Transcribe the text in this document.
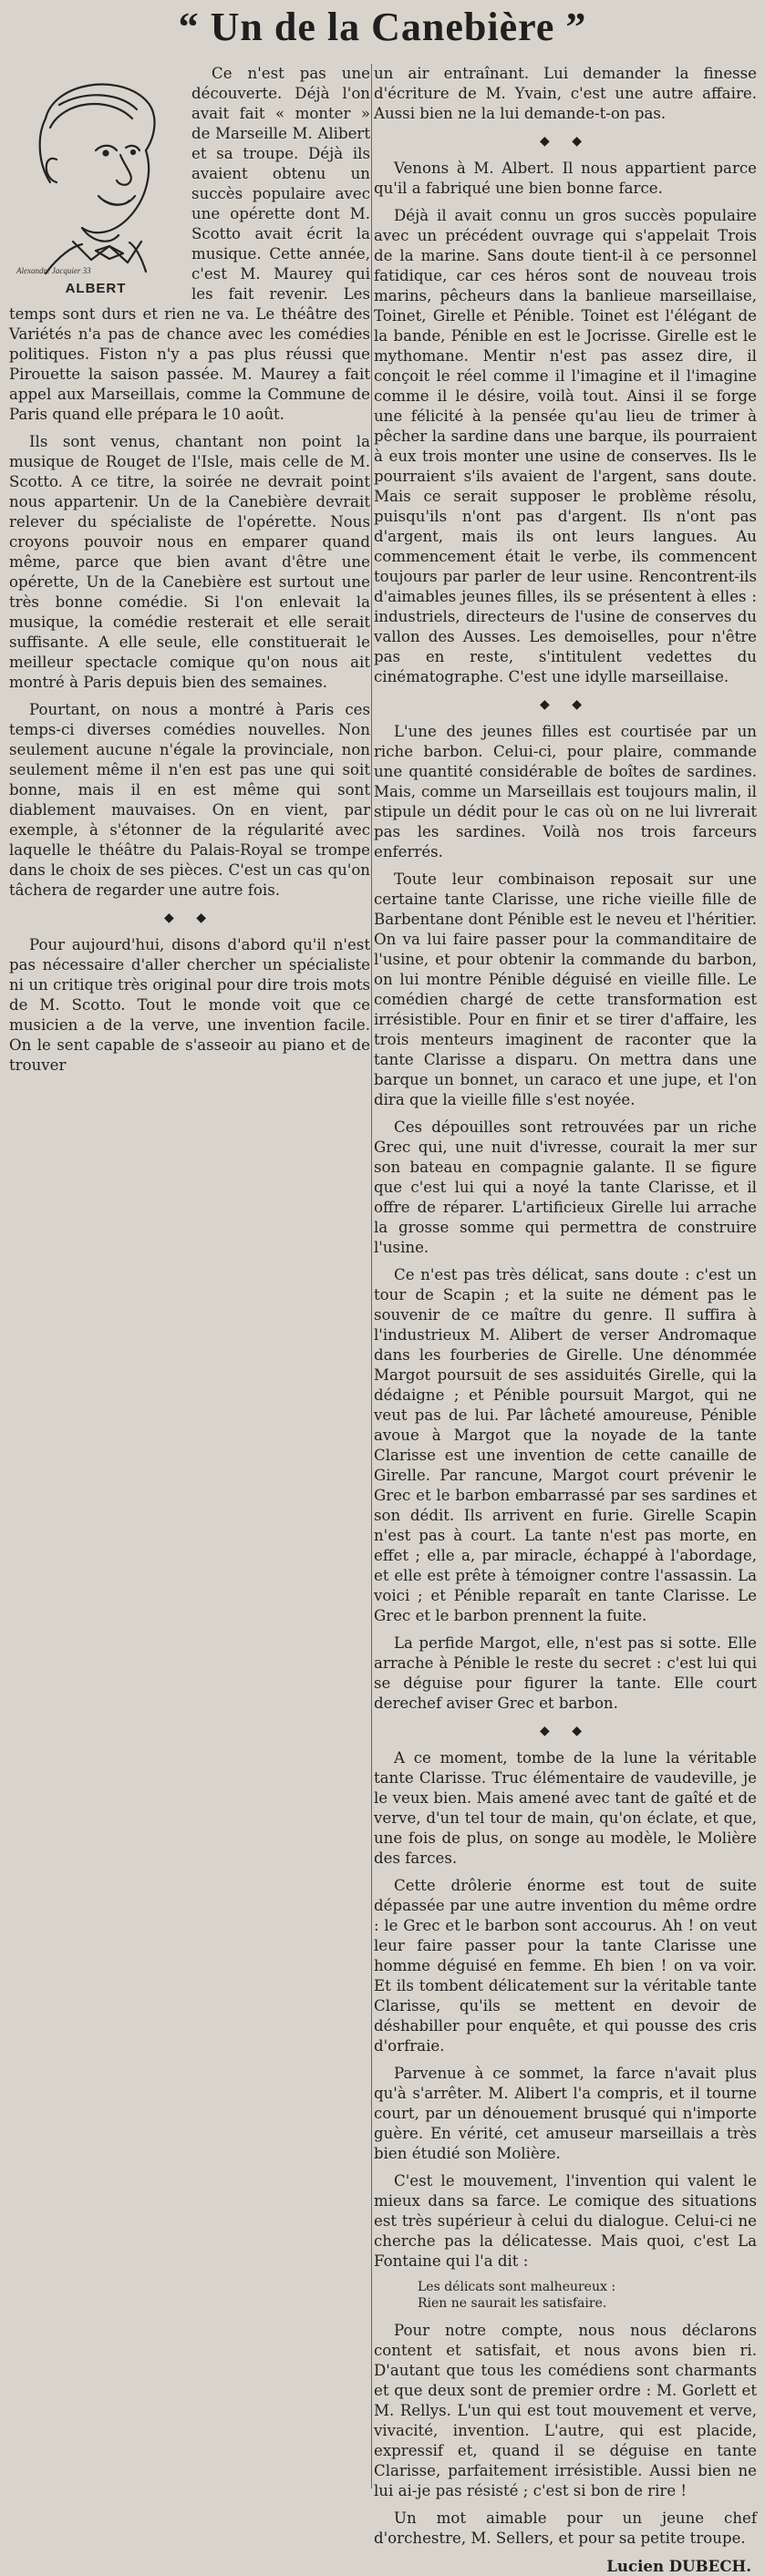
“ Un de la Canebière ”
Alexandre Jacquier 33
ALBERT

Ce n'est pas une découverte. Déjà l'on avait fait « monter » de Marseille M. Alibert et sa troupe. Déjà ils avaient obtenu un succès populaire avec une opérette dont M. Scotto avait écrit la musique. Cette année, c'est M. Maurey qui les fait revenir. Les temps sont durs et rien ne va. Le théâtre des Variétés n'a pas de chance avec les comédies politiques. Fiston n'y a pas plus réussi que Pirouette la saison passée. M. Maurey a fait appel aux Marseillais, comme la Commune de Paris quand elle prépara le 10 août.

Ils sont venus, chantant non point la musique de Rouget de l'Isle, mais celle de M. Scotto. A ce titre, la soirée ne devrait point nous appartenir. Un de la Canebière devrait relever du spécialiste de l'opérette. Nous croyons pouvoir nous en emparer quand même, parce que bien avant d'être une opérette, Un de la Canebière est surtout une très bonne comédie. Si l'on enlevait la musique, la comédie resterait et elle serait suffisante. A elle seule, elle constituerait le meilleur spectacle comique qu'on nous ait montré à Paris depuis bien des semaines.

Pourtant, on nous a montré à Paris ces temps-ci diverses comédies nouvelles. Non seulement aucune n'égale la provinciale, non seulement même il n'en est pas une qui soit bonne, mais il en est même qui sont diablement mauvaises. On en vient, par exemple, à s'étonner de la régularité avec laquelle le théâtre du Palais-Royal se trompe dans le choix de ses pièces. C'est un cas qu'on tâchera de regarder une autre fois.

◆ ◆

Pour aujourd'hui, disons d'abord qu'il n'est pas nécessaire d'aller chercher un spécialiste ni un critique très original pour dire trois mots de M. Scotto. Tout le monde voit que ce musicien a de la verve, une invention facile. On le sent capable de s'asseoir au piano et de trouver

un air entraînant. Lui demander la finesse d'écriture de M. Yvain, c'est une autre affaire. Aussi bien ne la lui demande-t-on pas.

◆ ◆

Venons à M. Albert. Il nous appartient parce qu'il a fabriqué une bien bonne farce.

Déjà il avait connu un gros succès populaire avec un précédent ouvrage qui s'appelait Trois de la marine. Sans doute tient-il à ce personnel fatidique, car ces héros sont de nouveau trois marins, pêcheurs dans la banlieue marseillaise, Toinet, Girelle et Pénible. Toinet est l'élégant de la bande, Pénible en est le Jocrisse. Girelle est le mythomane. Mentir n'est pas assez dire, il conçoit le réel comme il l'imagine et il l'imagine comme il le désire, voilà tout. Ainsi il se forge une félicité à la pensée qu'au lieu de trimer à pêcher la sardine dans une barque, ils pourraient à eux trois monter une usine de conserves. Ils le pourraient s'ils avaient de l'argent, sans doute. Mais ce serait supposer le problème résolu, puisqu'ils n'ont pas d'argent. Ils n'ont pas d'argent, mais ils ont leurs langues. Au commencement était le verbe, ils commencent toujours par parler de leur usine. Rencontrent-ils d'aimables jeunes filles, ils se présentent à elles : industriels, directeurs de l'usine de conserves du vallon des Ausses. Les demoiselles, pour n'être pas en reste, s'intitulent vedettes du cinématographe. C'est une idylle marseillaise.

◆ ◆

L'une des jeunes filles est courtisée par un riche barbon. Celui-ci, pour plaire, commande une quantité considérable de boîtes de sardines. Mais, comme un Marseillais est toujours malin, il stipule un dédit pour le cas où on ne lui livrerait pas les sardines. Voilà nos trois farceurs enferrés.

Toute leur combinaison reposait sur une certaine tante Clarisse, une riche vieille fille de Barbentane dont Pénible est le neveu et l'héritier. On va lui faire passer pour la commanditaire de l'usine, et pour obtenir la commande du barbon, on lui montre Pénible déguisé en vieille fille. Le comédien chargé de cette transformation est irrésistible. Pour en finir et se tirer d'affaire, les trois menteurs imaginent de raconter que la tante Clarisse a disparu. On mettra dans une barque un bonnet, un caraco et une jupe, et l'on dira que la vieille fille s'est noyée.

Ces dépouilles sont retrouvées par un riche Grec qui, une nuit d'ivresse, courait la mer sur son bateau en compagnie galante. Il se figure que c'est lui qui a noyé la tante Clarisse, et il offre de réparer. L'artificieux Girelle lui arrache la grosse somme qui permettra de construire l'usine.

Ce n'est pas très délicat, sans doute : c'est un tour de Scapin ; et la suite ne dément pas le souvenir de ce maître du genre. Il suffira à l'industrieux M. Alibert de verser Andromaque dans les fourberies de Girelle. Une dénommée Margot poursuit de ses assiduités Girelle, qui la dédaigne ; et Pénible poursuit Margot, qui ne veut pas de lui. Par lâcheté amoureuse, Pénible avoue à Margot que la noyade de la tante Clarisse est une invention de cette canaille de Girelle. Par rancune, Margot court prévenir le Grec et le barbon embarrassé par ses sardines et son dédit. Ils arrivent en furie. Girelle Scapin n'est pas à court. La tante n'est pas morte, en effet ; elle a, par miracle, échappé à l'abordage, et elle est prête à témoigner contre l'assassin. La voici ; et Pénible reparaît en tante Clarisse. Le Grec et le barbon prennent la fuite.

La perfide Margot, elle, n'est pas si sotte. Elle arrache à Pénible le reste du secret : c'est lui qui se déguise pour figurer la tante. Elle court derechef aviser Grec et barbon.

◆ ◆

A ce moment, tombe de la lune la véritable tante Clarisse. Truc élémentaire de vaudeville, je le veux bien. Mais amené avec tant de gaîté et de verve, d'un tel tour de main, qu'on éclate, et que, une fois de plus, on songe au modèle, le Molière des farces.

Cette drôlerie énorme est tout de suite dépassée par une autre invention du même ordre : le Grec et le barbon sont accourus. Ah ! on veut leur faire passer pour la tante Clarisse une homme déguisé en femme. Eh bien ! on va voir. Et ils tombent délicatement sur la véritable tante Clarisse, qu'ils se mettent en devoir de déshabiller pour enquête, et qui pousse des cris d'orfraie.

Parvenue à ce sommet, la farce n'avait plus qu'à s'arrêter. M. Alibert l'a compris, et il tourne court, par un dénouement brusqué qui n'importe guère. En vérité, cet amuseur marseillais a très bien étudié son Molière.

C'est le mouvement, l'invention qui valent le mieux dans sa farce. Le comique des situations est très supérieur à celui du dialogue. Celui-ci ne cherche pas la délicatesse. Mais quoi, c'est La Fontaine qui l'a dit :

Les délicats sont malheureux :
Rien ne saurait les satisfaire.

Pour notre compte, nous nous déclarons content et satisfait, et nous avons bien ri. D'autant que tous les comédiens sont charmants et que deux sont de premier ordre : M. Gorlett et M. Rellys. L'un qui est tout mouvement et verve, vivacité, invention. L'autre, qui est placide, expressif et, quand il se déguise en tante Clarisse, parfaitement irrésistible. Aussi bien ne lui ai-je pas résisté ; c'est si bon de rire !

Un mot aimable pour un jeune chef d'orchestre, M. Sellers, et pour sa petite troupe.

Lucien DUBECH.
